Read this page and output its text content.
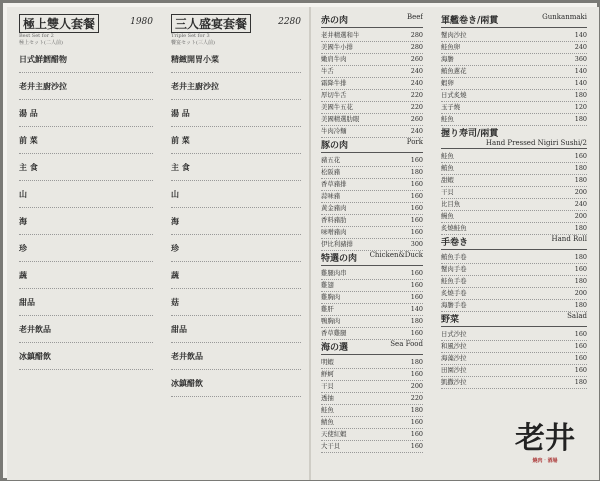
極上雙人套餐	1980
Best Set for 2
極上セット(二人前)
日式鮮鱈醋物
老井主廚沙拉
湯 品
前 菜
主 食
山
海
珍
蔬
甜品
老井飲品
冰鎮醋飲
三人盛宴套餐	2280
Triple Set for 3
饗宴セット(三人前)
精緻開胃小菜
老井主廚沙拉
湯 品
前 菜
主 食
山
海
珍
蔬
菇
甜品
老井飲品
冰鎮醋飲
赤の肉	Beef
老井精選和牛	280
美國牛小排	280
嫩肩牛肉	260
牛舌	240
霜降牛排	240
厚切牛舌	220
美國牛五花	220
美國精選肋眼	260
牛肉冷麵	240
豚の肉	Pork
豬五花	160
松阪豬	180
香草豬排	160
蒜味豬	160
黃金豬肉	160
香料豬肋	160
味噌豬肉	160
伊比利豬排	300
特選の肉 Chicken&Duck
雞腿肉串	160
雞翅	160
雞胸肉	160
雞肝	140
鴨胸肉	180
香草雞腿	160
海の選	Sea Food
明蝦	180
鮮蚵	160
干貝	200
透抽	220
鮭魚	180
鯖魚	160
天使紅蝦	160
大干貝	160
軍艦卷き/兩貫	Gunkanmaki
蟹肉沙拉	140
鮭魚卵	240
海膽	360
鮪魚蔥花	140
蝦卵	140
日式炙燒	180
玉子燒	120
鮭魚	180
握り寿司/兩貫
Hand Pressed Nigiri Sushi/2
鮭魚	160
鮪魚	180
甜蝦	180
干貝	200
比目魚	240
鰻魚	200
炙燒鮭魚	180
手卷き	Hand Roll
鮪魚手卷	180
蟹肉手卷	160
鮭魚手卷	180
炙燒手卷	200
海膽手卷	180
野菜	Salad
日式沙拉	160
和風沙拉	160
海藻沙拉	160
田園沙拉	160
凱撒沙拉	180
老井
燒肉‧酒場
